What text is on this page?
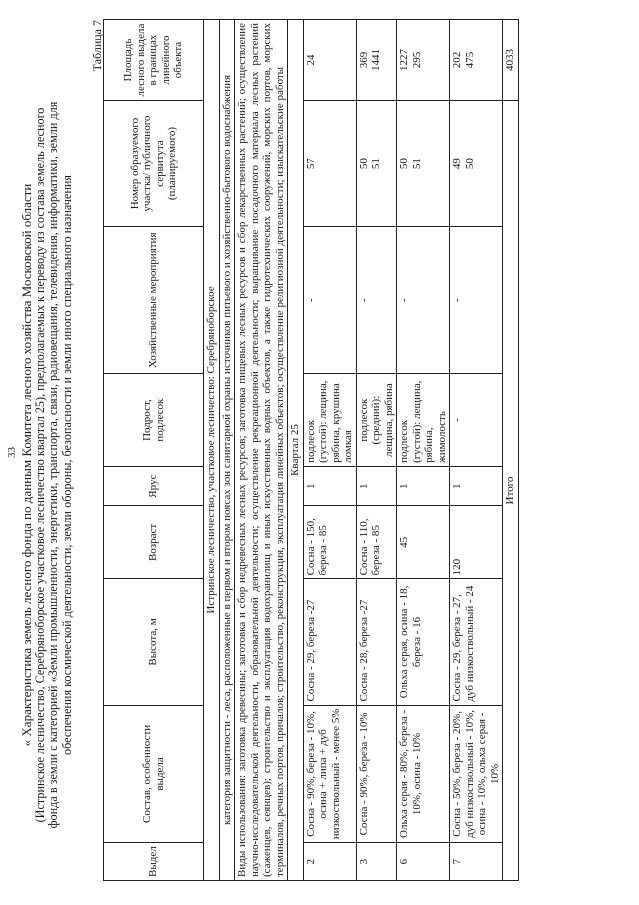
33 « Характеристика земель лесного фонда по данным Комитета лесного хозяйства Московской области
(Истринское лесничество, Серебряноборское участковое лесничество квартал 25), предполагаемых к переводу из состава земель лесного фонда в земли с категорией «Земли промышленности, энергетики, транспорта, связи, радиовещания, телевидения, информатики, земли для обеспечения космической деятельности, земли обороны, безопасности и земли иного специального назначения
Таблица 7
Выдел	Состав, особенности выдела	Высота, м	Возраст	Ярус	Подрост, подлесок	Хозяйственные мероприятия	Номер образуемого участка/ публичного сервитута (планируемого)	Площадь лесного выдела в границах линейного объекта
Истринское лесничество, участковое лесничество: Серебряноборское								
категория защитности - леса, расположенные в первом и втором поясах зон санитарной охраны источников питьевого и хозяйственно-бытового водоснабжения								
Виды использования: заготовка древесины; заготовка и сбор недревесных лесных ресурсов; заготовка пищевых лесных ресурсов и сбор лекарственных растений; осуществление научно-исследовательской деятельности, образовательной деятельности; осуществление рекреационной деятельности; выращивание посадочного материала лесных растений (саженцев, сеянцев); строительство и эксплуатация водохранилищ и иных искусственных водных объектов, а также гидротехнических сооружений, морских портов, морских терминалов, речных портов, причалов; строительство, реконструкция, эксплуатация линейных объектов; осуществление религиозной деятельности; изыскательские работы								
Квартал 25								
2	Сосна - 90%, береза - 10%, осина + липа + дуб низкоствольный - менее 5%	Сосна - 29, береза -27	Сосна - 150, береза - 85	1	подлесок (густой): лещина, рябина, крушина ломкая	-	57	24

3	Сосна - 90%, береза - 10%	Сосна - 28, береза -27	Сосна - 110, береза - 85	1	подлесок (средний): лещина, рябина	-	50 51	369 1441

6	Ольха серая - 80%, береза - 10%, осина - 10%	Ольха серая, осина - 18, береза - 16	45	1	подлесок (густой): лещина, рябина, жимолость	-	50 51	1227 295

7	Сосна - 50%, береза - 20%, дуб низкоствольный - 10%, осина - 10%, ольха серая - 10%	Сосна - 29, береза - 27, дуб низкоствольный - 24	120	1	-	-	49 50	202 475

Итого								4033
